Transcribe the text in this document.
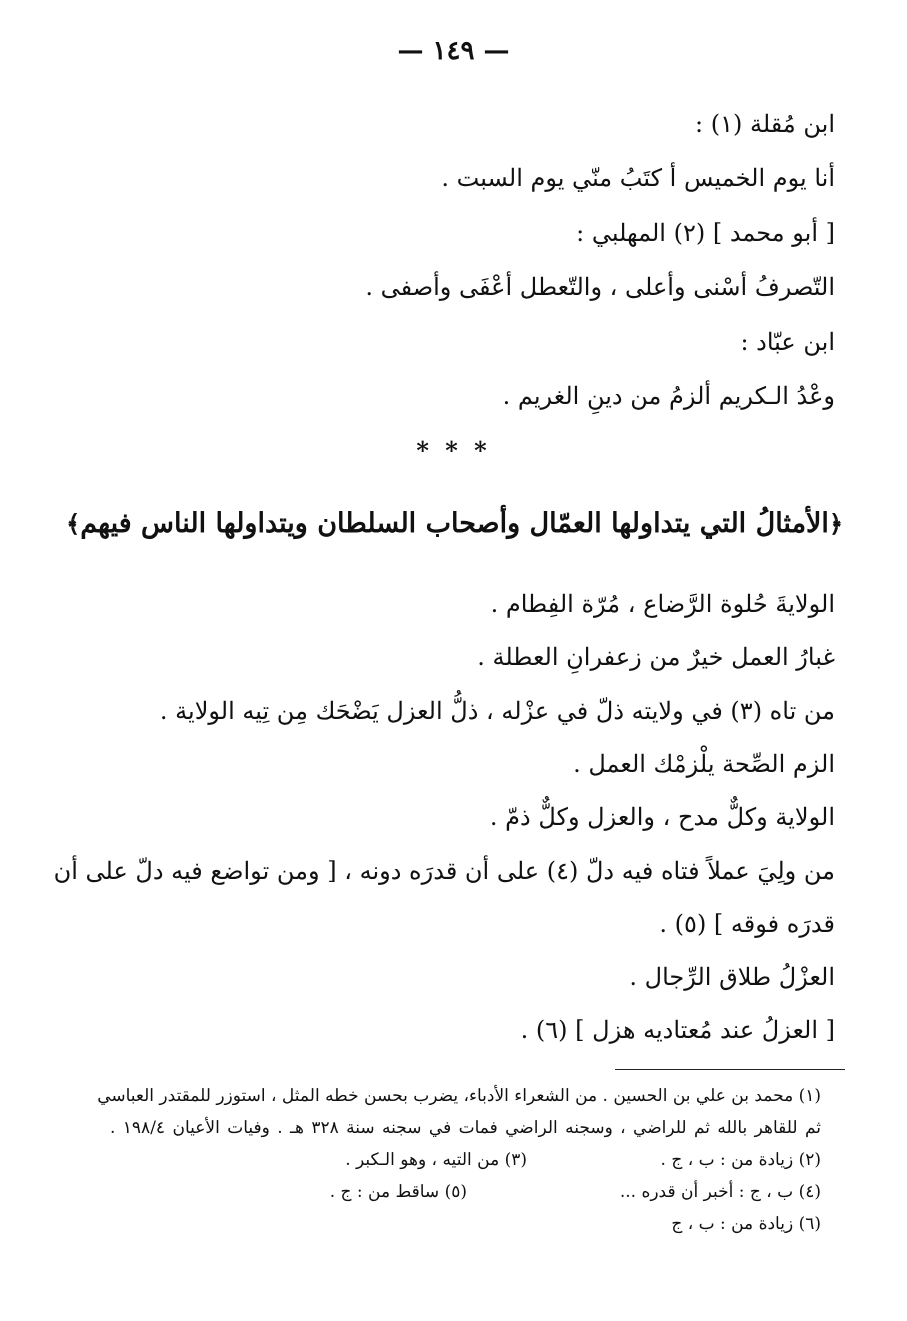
— ١٤٩ —
ابن مُقلة (١) :
أنا يوم الخميس أ كتَبُ منّي يوم السبت .
[ أبو محمد ] (٢) المهلبي :
التّصرفُ أسْنى وأعلى ، والتّعطل أعْفَى وأصفى .
ابن عبّاد :
وعْدُ الـكريم ألزمُ من دينِ الغريم .
* * *
﴿
الأمثالُ التي يتداولها العمّال وأصحاب السلطان ويتداولها الناس فيهم
﴾
الولايةَ حُلوة الرَّضاع ، مُرّة الفِطام .
غبارُ العمل خيرٌ من زعفرانِ العطلة .
من تاه (٣) في ولايته ذلّ في عزْله ، ذلُّ العزل يَضْحَك مِن تِيه الولاية .
الزم الصِّحة يلْزمْك العمل .
الولاية وكلٌّ مدح ، والعزل وكلٌّ ذمّ .
من ولِيَ عملاً فتاه فيه دلّ (٤) على أن قدرَه دونه ، [ ومن تواضع فيه دلّ على أن
قدرَه فوقه ] (٥) .
العزْلُ طلاق الرِّجال .
[ العزلُ عند مُعتاديه هزل ] (٦) .
(١) محمد بن علي بن الحسين . من الشعراء الأدباء، يضرب بحسن خطه المثل ، استوزر للمقتدر العباسي
ثم للقاهر بالله ثم للراضي ، وسجنه الراضي فمات في سجنه سنة ٣٢٨ هـ . وفيات الأعيان ١٩٨/٤ .
(٢) زيادة من : ب ، ج .
(٣) من التيه ، وهو الـكبر .
(٤) ب ، ج : أخبر أن قدره ...
(٥) ساقط من : ج .
(٦) زيادة من : ب ، ج
